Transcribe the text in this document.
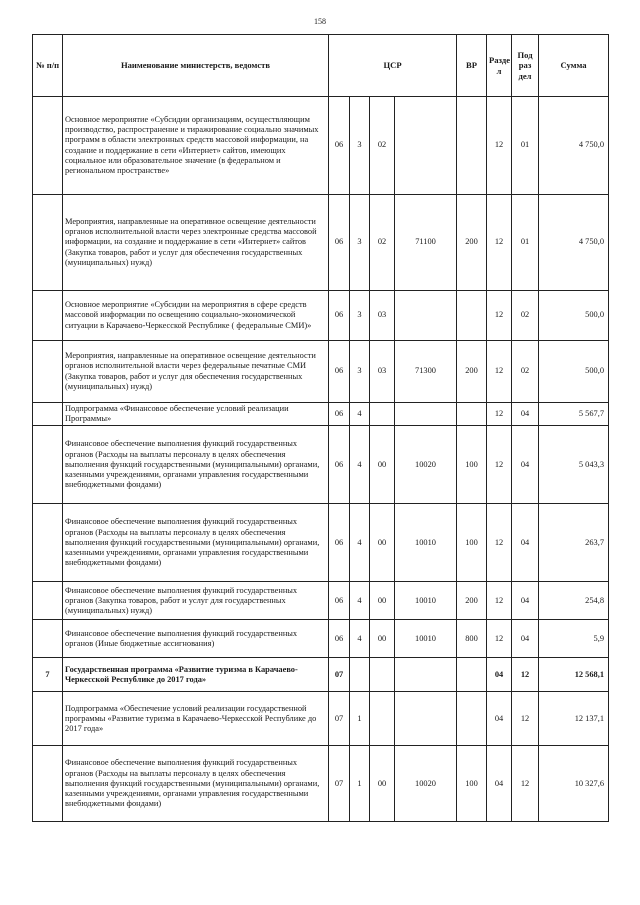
158
№ п/п	Наименование министерств, ведомств	ЦСР				ВР	Разде л	Под раз дел	Сумма
	Основное мероприятие «Субсидии организациям, осуществляющим производство, распространение и тиражирование социально значимых программ в области электронных средств массовой информации, на создание и поддержание в сети «Интернет» сайтов, имеющих социальное или образовательное значение (в федеральном и региональном пространстве»	06	3	02			12	01	4 750,0
	Мероприятия, направленные на оперативное освещение деятельности органов исполнительной власти через электронные средства массовой информации, на создание и поддержание в сети «Интернет» сайтов (Закупка товаров, работ и услуг для обеспечения государственных (муниципальных) нужд)	06	3	02	71100	200	12	01	4 750,0
	Основное мероприятие «Субсидии на мероприятия в сфере средств массовой информации по освещению социально-экономической ситуации в Карачаево-Черкесской Республике ( федеральные СМИ)»	06	3	03			12	02	500,0
	Мероприятия, направленные на оперативное освещение деятельности органов исполнительной власти через федеральные печатные СМИ (Закупка товаров, работ и услуг для обеспечения государственных (муниципальных) нужд)	06	3	03	71300	200	12	02	500,0
	Подпрограмма «Финансовое обеспечение условий реализации Программы»	06	4				12	04	5 567,7
	Финансовое обеспечение выполнения функций государственных органов (Расходы на выплаты персоналу в целях обеспечения выполнения функций государственными (муниципальными) органами, казенными учреждениями, органами управления государственными внебюджетными фондами)	06	4	00	10020	100	12	04	5 043,3
	Финансовое обеспечение выполнения функций государственных органов (Расходы на выплаты персоналу в целях обеспечения выполнения функций государственными (муниципальными) органами, казенными учреждениями, органами управления государственными внебюджетными фондами)	06	4	00	10010	100	12	04	263,7
	Финансовое обеспечение выполнения функций государственных органов (Закупка товаров, работ и услуг для государственных (муниципальных) нужд)	06	4	00	10010	200	12	04	254,8
	Финансовое обеспечение выполнения функций государственных органов (Иные бюджетные ассигнования)	06	4	00	10010	800	12	04	5,9
7	Государственная программа «Развитие туризма в Карачаево-Черкесской Республике до 2017 года»	07					04	12	12 568,1
	Подпрограмма «Обеспечение условий реализации государственной программы «Развитие туризма в Карачаево-Черкесской Республике до 2017 года»	07	1				04	12	12 137,1
	Финансовое обеспечение выполнения функций государственных органов (Расходы на выплаты персоналу в целях обеспечения выполнения функций государственными (муниципальными) органами, казенными учреждениями, органами управления государственными внебюджетными фондами)	07	1	00	10020	100	04	12	10 327,6
